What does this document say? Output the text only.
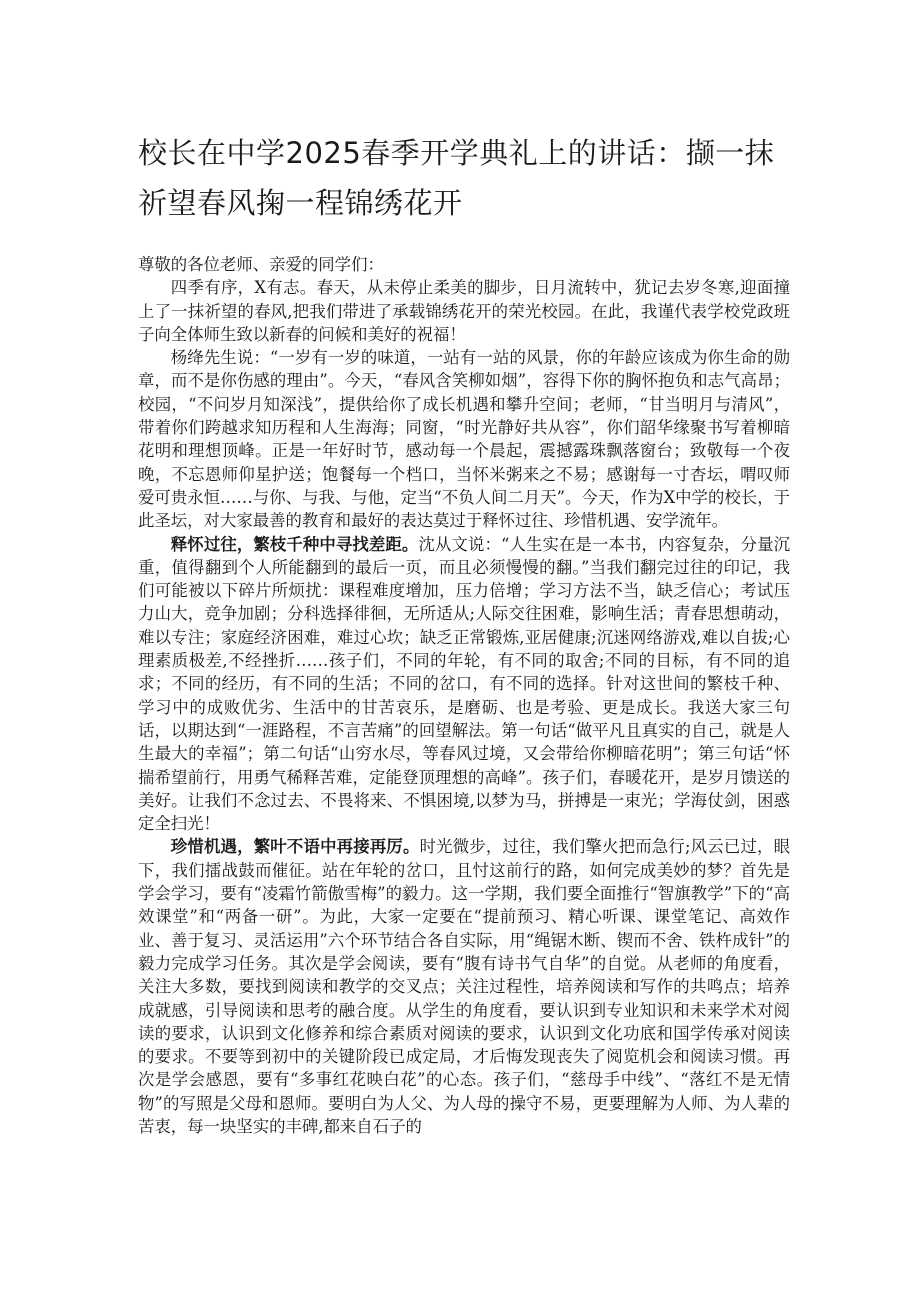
校长在中学2025春季开学典礼上的讲话：撷一抹祈望春风掬一程锦绣花开

尊敬的各位老师、亲爱的同学们：

四季有序，X有志。春天，从未停止柔美的脚步，日月流转中，犹记去岁冬寒,迎面撞上了一抹祈望的春风,把我们带进了承载锦绣花开的荣光校园。在此，我谨代表学校党政班子向全体师生致以新春的问候和美好的祝福！

杨绛先生说：“一岁有一岁的味道，一站有一站的风景，你的年龄应该成为你生命的勋章，而不是你伤感的理由”。今天，“春风含笑柳如烟”，容得下你的胸怀抱负和志气高昂；校园，“不问岁月知深浅”，提供给你了成长机遇和攀升空间；老师，“甘当明月与清风”，带着你们跨越求知历程和人生海海；同窗，“时光静好共从容”，你们韶华缘聚书写着柳暗花明和理想顶峰。正是一年好时节，感动每一个晨起，震撼露珠飘落窗台；致敬每一个夜晚，不忘恩师仰星护送；饱餐每一个档口，当怀米粥来之不易；感谢每一寸杏坛，喟叹师爱可贵永恒……与你、与我、与他，定当“不负人间二月天”。今天，作为X中学的校长，于此圣坛，对大家最善的教育和最好的表达莫过于释怀过往、珍惜机遇、安学流年。

释怀过往，繁枝千种中寻找差距。沈从文说：“人生实在是一本书，内容复杂，分量沉重，值得翻到个人所能翻到的最后一页，而且必须慢慢的翻。”当我们翻完过往的印记，我们可能被以下碎片所烦扰：课程难度增加，压力倍增；学习方法不当，缺乏信心；考试压力山大，竞争加剧；分科选择徘徊，无所适从;人际交往困难，影响生活；青春思想萌动，难以专注；家庭经济困难，难过心坎；缺乏正常锻炼,亚居健康;沉迷网络游戏,难以自拔;心理素质极差,不经挫折……孩子们，不同的年轮，有不同的取舍;不同的目标，有不同的追求；不同的经历，有不同的生活；不同的岔口，有不同的选择。针对这世间的繁枝千种、学习中的成败优劣、生活中的甘苦哀乐，是磨砺、也是考验、更是成长。我送大家三句话，以期达到“一涯路程，不言苦痛”的回望解法。第一句话“做平凡且真实的自己，就是人生最大的幸福”；第二句话“山穷水尽，等春风过境，又会带给你柳暗花明”；第三句话“怀揣希望前行，用勇气稀释苦难，定能登顶理想的高峰”。孩子们，春暖花开，是岁月馈送的美好。让我们不念过去、不畏将来、不惧困境,以梦为马，拼搏是一束光；学海仗剑，困惑定全扫光！

珍惜机遇，繁叶不语中再接再厉。时光微步，过往，我们擎火把而急行;风云已过，眼下，我们擂战鼓而催征。站在年轮的岔口，且忖这前行的路，如何完成美妙的梦？首先是学会学习，要有“凌霜竹箭傲雪梅”的毅力。这一学期，我们要全面推行“智旗教学”下的“高效课堂”和“两备一研”。为此，大家一定要在“提前预习、精心听课、课堂笔记、高效作业、善于复习、灵活运用”六个环节结合各自实际，用“绳锯木断、锲而不舍、铁杵成针”的毅力完成学习任务。其次是学会阅读，要有“腹有诗书气自华”的自觉。从老师的角度看，关注大多数，要找到阅读和教学的交叉点；关注过程性，培养阅读和写作的共鸣点；培养成就感，引导阅读和思考的融合度。从学生的角度看，要认识到专业知识和未来学术对阅读的要求，认识到文化修养和综合素质对阅读的要求，认识到文化功底和国学传承对阅读的要求。不要等到初中的关键阶段已成定局，才后悔发现丧失了阅览机会和阅读习惯。再次是学会感恩，要有“多事红花映白花”的心态。孩子们，“慈母手中线”、“落红不是无情物”的写照是父母和恩师。要明白为人父、为人母的操守不易，更要理解为人师、为人辈的苦衷，每一块坚实的丰碑,都来自石子的
